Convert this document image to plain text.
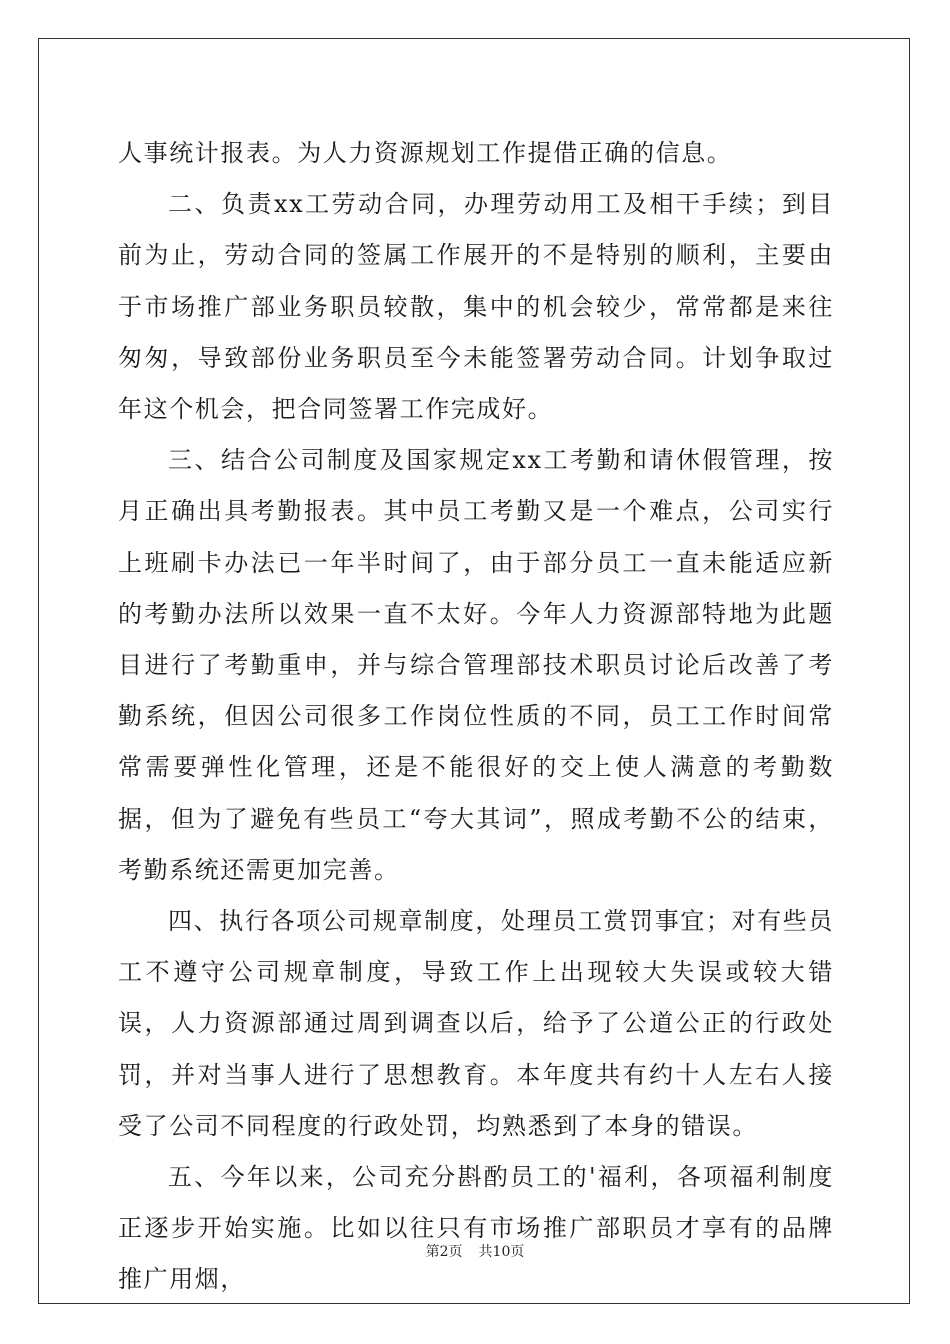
人事统计报表。为人力资源规划工作提借正确的信息。

二、负责xx工劳动合同，办理劳动用工及相干手续；到目前为止，劳动合同的签属工作展开的不是特别的顺利，主要由于市场推广部业务职员较散，集中的机会较少，常常都是来往匆匆，导致部份业务职员至今未能签署劳动合同。计划争取过年这个机会，把合同签署工作完成好。

三、结合公司制度及国家规定xx工考勤和请休假管理，按月正确出具考勤报表。其中员工考勤又是一个难点，公司实行上班刷卡办法已一年半时间了，由于部分员工一直未能适应新的考勤办法所以效果一直不太好。今年人力资源部特地为此题目进行了考勤重申，并与综合管理部技术职员讨论后改善了考勤系统，但因公司很多工作岗位性质的不同，员工工作时间常常需要弹性化管理，还是不能很好的交上使人满意的考勤数据，但为了避免有些员工“夸大其词”，照成考勤不公的结束，考勤系统还需更加完善。

四、执行各项公司规章制度，处理员工赏罚事宜；对有些员工不遵守公司规章制度，导致工作上出现较大失误或较大错误，人力资源部通过周到调查以后，给予了公道公正的行政处罚，并对当事人进行了思想教育。本年度共有约十人左右人接受了公司不同程度的行政处罚，均熟悉到了本身的错误。

五、今年以来，公司充分斟酌员工的'福利，各项福利制度正逐步开始实施。比如以往只有市场推广部职员才享有的品牌推广用烟，

第2页 共10页
